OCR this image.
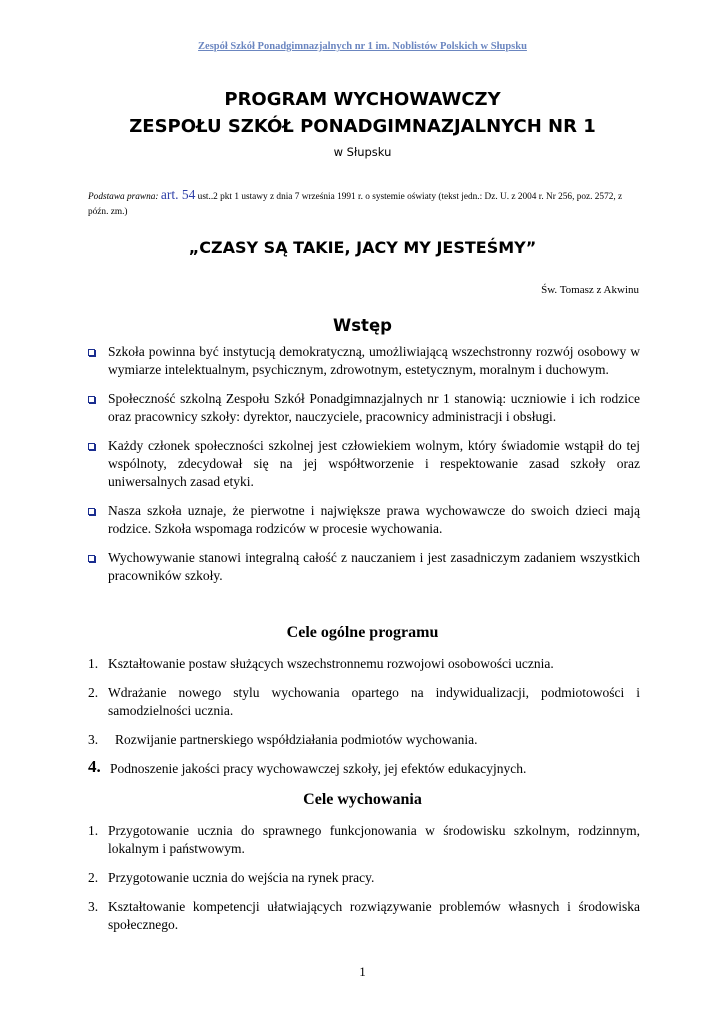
Zespół Szkół Ponadgimnazjalnych nr 1 im. Noblistów Polskich w Słupsku
PROGRAM WYCHOWAWCZY
ZESPOŁU SZKÓŁ PONADGIMNAZJALNYCH NR 1
w Słupsku
Podstawa prawna: art. 54 ust..2 pkt 1 ustawy z dnia 7 września 1991 r. o systemie oświaty (tekst jedn.: Dz. U. z 2004 r. Nr 256, poz. 2572, z późn. zm.)
„CZASY SĄ TAKIE, JACY MY JESTEŚMY”
Św. Tomasz z Akwinu
Wstęp
Szkoła powinna być instytucją demokratyczną, umożliwiającą wszechstronny rozwój osobowy w wymiarze intelektualnym, psychicznym, zdrowotnym, estetycznym, moralnym i duchowym.
Społeczność szkolną Zespołu Szkół Ponadgimnazjalnych nr 1 stanowią: uczniowie i ich rodzice oraz pracownicy szkoły: dyrektor, nauczyciele, pracownicy administracji i obsługi.
Każdy członek społeczności szkolnej jest człowiekiem wolnym, który świadomie wstąpił do tej wspólnoty, zdecydował się na jej współtworzenie i respektowanie zasad szkoły oraz uniwersalnych zasad etyki.
Nasza szkoła uznaje, że pierwotne i największe prawa wychowawcze do swoich dzieci mają rodzice. Szkoła wspomaga rodziców w procesie wychowania.
Wychowywanie stanowi integralną całość z nauczaniem i jest zasadniczym zadaniem wszystkich pracowników szkoły.
Cele ogólne programu
1. Kształtowanie postaw służących wszechstronnemu rozwojowi osobowości ucznia.
2. Wdrażanie nowego stylu wychowania opartego na indywidualizacji, podmiotowości i samodzielności ucznia.
3. Rozwijanie partnerskiego współdziałania podmiotów wychowania.
4. Podnoszenie jakości pracy wychowawczej szkoły, jej efektów edukacyjnych.
Cele wychowania
1. Przygotowanie ucznia do sprawnego funkcjonowania w środowisku szkolnym, rodzinnym, lokalnym i państwowym.
2. Przygotowanie ucznia do wejścia na rynek pracy.
3. Kształtowanie kompetencji ułatwiających rozwiązywanie problemów własnych i środowiska społecznego.
1
